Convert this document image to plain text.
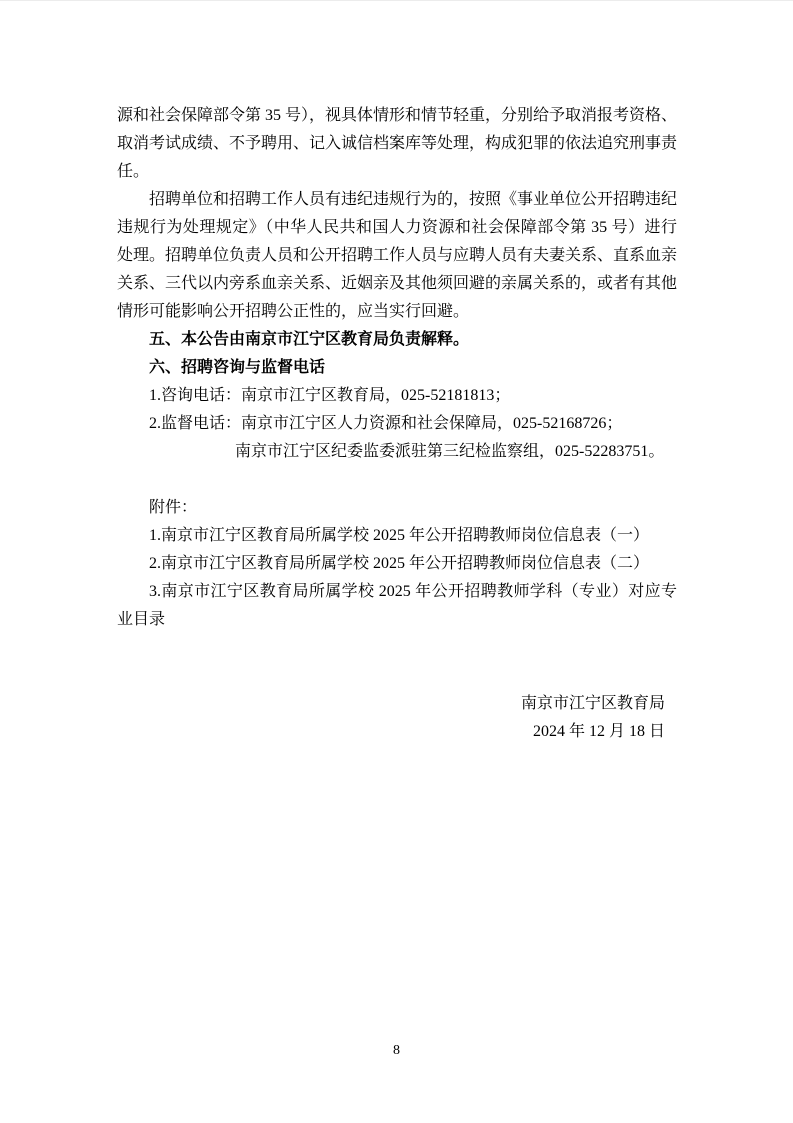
源和社会保障部令第 35 号），视具体情形和情节轻重，分别给予取消报考资格、
取消考试成绩、不予聘用、记入诚信档案库等处理，构成犯罪的依法追究刑事责
任。
招聘单位和招聘工作人员有违纪违规行为的，按照《事业单位公开招聘违纪
违规行为处理规定》（中华人民共和国人力资源和社会保障部令第 35 号）进行
处理。招聘单位负责人员和公开招聘工作人员与应聘人员有夫妻关系、直系血亲
关系、三代以内旁系血亲关系、近姻亲及其他须回避的亲属关系的，或者有其他
情形可能影响公开招聘公正性的，应当实行回避。
五、本公告由南京市江宁区教育局负责解释。
六、招聘咨询与监督电话
1.咨询电话：南京市江宁区教育局，025-52181813；
2.监督电话：南京市江宁区人力资源和社会保障局，025-52168726；
南京市江宁区纪委监委派驻第三纪检监察组，025-52283751。
附件：
1.南京市江宁区教育局所属学校 2025 年公开招聘教师岗位信息表（一）
2.南京市江宁区教育局所属学校 2025 年公开招聘教师岗位信息表（二）
3.南京市江宁区教育局所属学校 2025 年公开招聘教师学科（专业）对应专
业目录
南京市江宁区教育局
2024 年 12 月 18 日
8
